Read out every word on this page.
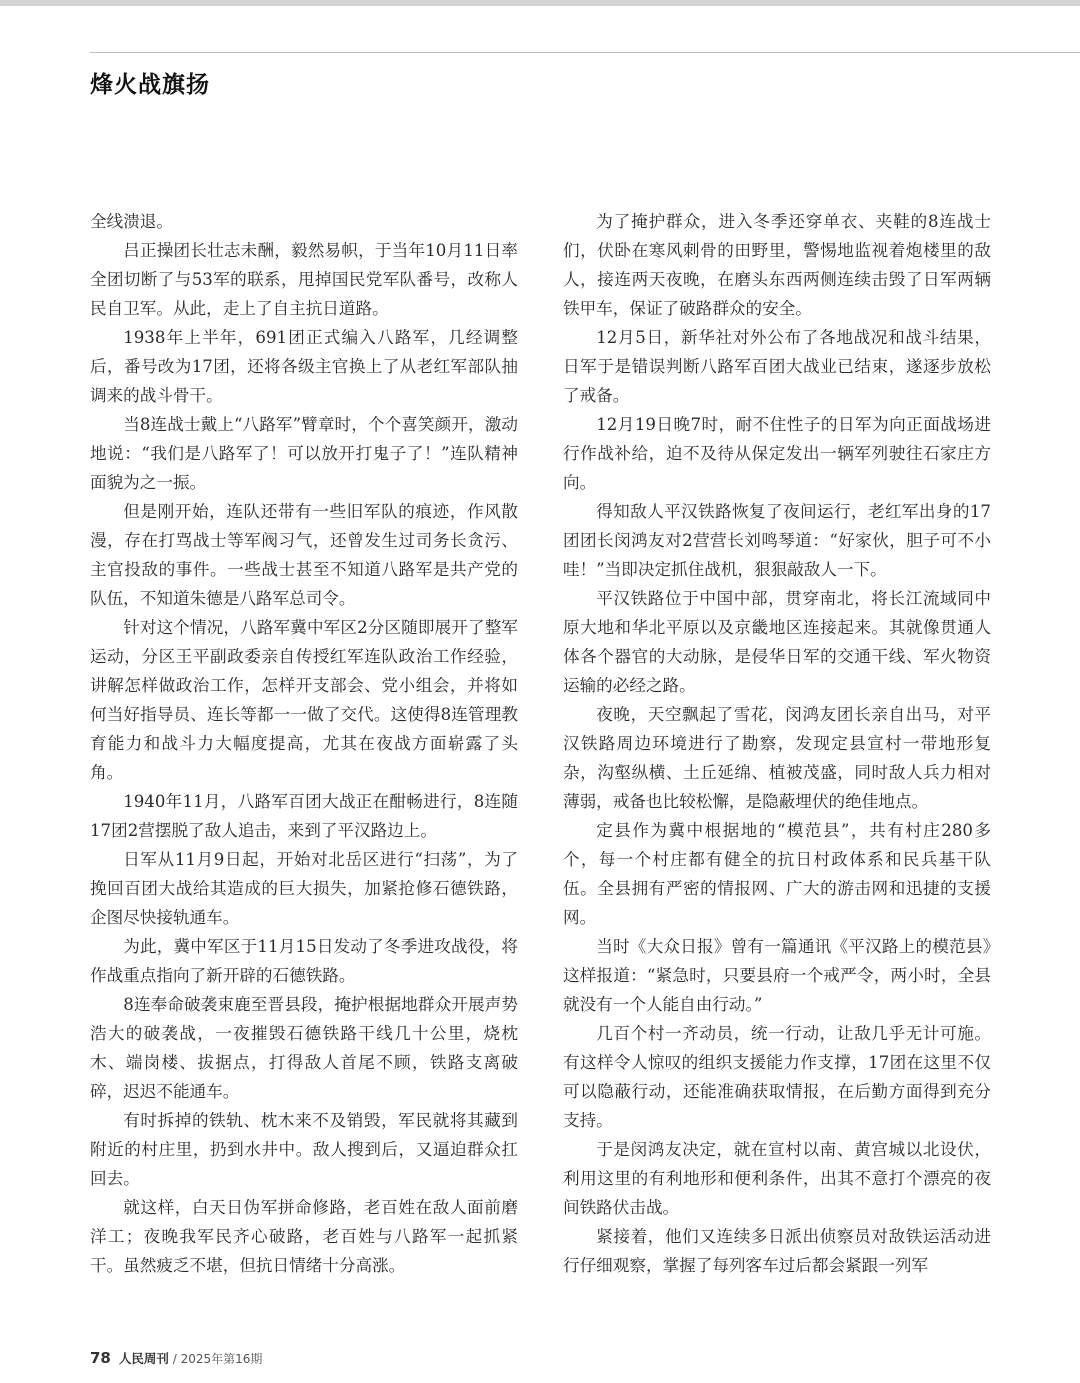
烽火战旗扬

全线溃退。

吕正操团长壮志未酬，毅然易帜，于当年10月11日率全团切断了与53军的联系，甩掉国民党军队番号，改称人民自卫军。从此，走上了自主抗日道路。

1938年上半年，691团正式编入八路军，几经调整后，番号改为17团，还将各级主官换上了从老红军部队抽调来的战斗骨干。

当8连战士戴上“八路军”臂章时，个个喜笑颜开，激动地说：“我们是八路军了！可以放开打鬼子了！”连队精神面貌为之一振。

但是刚开始，连队还带有一些旧军队的痕迹，作风散漫，存在打骂战士等军阀习气，还曾发生过司务长贪污、主官投敌的事件。一些战士甚至不知道八路军是共产党的队伍，不知道朱德是八路军总司令。

针对这个情况，八路军冀中军区2分区随即展开了整军运动，分区王平副政委亲自传授红军连队政治工作经验，讲解怎样做政治工作，怎样开支部会、党小组会，并将如何当好指导员、连长等都一一做了交代。这使得8连管理教育能力和战斗力大幅度提高，尤其在夜战方面崭露了头角。

1940年11月，八路军百团大战正在酣畅进行，8连随17团2营摆脱了敌人追击，来到了平汉路边上。

日军从11月9日起，开始对北岳区进行“扫荡”，为了挽回百团大战给其造成的巨大损失，加紧抢修石德铁路，企图尽快接轨通车。

为此，冀中军区于11月15日发动了冬季进攻战役，将作战重点指向了新开辟的石德铁路。

8连奉命破袭束鹿至晋县段，掩护根据地群众开展声势浩大的破袭战，一夜摧毁石德铁路干线几十公里，烧枕木、端岗楼、拔据点，打得敌人首尾不顾，铁路支离破碎，迟迟不能通车。

有时拆掉的铁轨、枕木来不及销毁，军民就将其藏到附近的村庄里，扔到水井中。敌人搜到后，又逼迫群众扛回去。

就这样，白天日伪军拼命修路，老百姓在敌人面前磨洋工；夜晚我军民齐心破路，老百姓与八路军一起抓紧干。虽然疲乏不堪，但抗日情绪十分高涨。

为了掩护群众，进入冬季还穿单衣、夹鞋的8连战士们，伏卧在寒风刺骨的田野里，警惕地监视着炮楼里的敌人，接连两天夜晚，在磨头东西两侧连续击毁了日军两辆铁甲车，保证了破路群众的安全。

12月5日，新华社对外公布了各地战况和战斗结果，日军于是错误判断八路军百团大战业已结束，遂逐步放松了戒备。

12月19日晚7时，耐不住性子的日军为向正面战场进行作战补给，迫不及待从保定发出一辆军列驶往石家庄方向。

得知敌人平汉铁路恢复了夜间运行，老红军出身的17团团长闵鸿友对2营营长刘鸣琴道：“好家伙，胆子可不小哇！”当即决定抓住战机，狠狠敲敌人一下。

平汉铁路位于中国中部，贯穿南北，将长江流域同中原大地和华北平原以及京畿地区连接起来。其就像贯通人体各个器官的大动脉，是侵华日军的交通干线、军火物资运输的必经之路。

夜晚，天空飘起了雪花，闵鸿友团长亲自出马，对平汉铁路周边环境进行了勘察，发现定县宣村一带地形复杂，沟壑纵横、土丘延绵、植被茂盛，同时敌人兵力相对薄弱，戒备也比较松懈，是隐蔽埋伏的绝佳地点。

定县作为冀中根据地的“模范县”，共有村庄280多个，每一个村庄都有健全的抗日村政体系和民兵基干队伍。全县拥有严密的情报网、广大的游击网和迅捷的支援网。

当时《大众日报》曾有一篇通讯《平汉路上的模范县》这样报道：“紧急时，只要县府一个戒严令，两小时，全县就没有一个人能自由行动。”

几百个村一齐动员，统一行动，让敌几乎无计可施。有这样令人惊叹的组织支援能力作支撑，17团在这里不仅可以隐蔽行动，还能准确获取情报，在后勤方面得到充分支持。

于是闵鸿友决定，就在宣村以南、黄宫城以北设伏，利用这里的有利地形和便利条件，出其不意打个漂亮的夜间铁路伏击战。

紧接着，他们又连续多日派出侦察员对敌铁运活动进行仔细观察，掌握了每列客车过后都会紧跟一列军

78 人民周刊 / 2025年第16期
